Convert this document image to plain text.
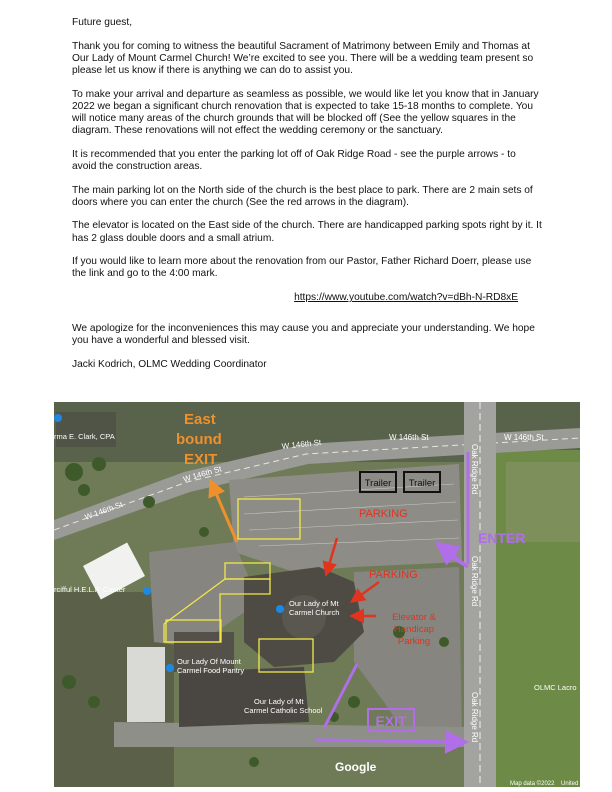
Future guest,

Thank you for coming to witness the beautiful Sacrament of Matrimony between Emily and Thomas at Our Lady of Mount Carmel Church! We’re excited to see you. There will be a wedding team present so please let us know if there is anything we can do to assist you.

To make your arrival and departure as seamless as possible, we would like let you know that in January 2022 we began a significant church renovation that is expected to take 15-18 months to complete. You will notice many areas of the church grounds that will be blocked off (See the yellow squares in the diagram. These renovations will not effect the wedding ceremony or the sanctuary.

It is recommended that you enter the parking lot off of Oak Ridge Road - see the purple arrows - to avoid the construction areas.

The main parking lot on the North side of the church is the best place to park. There are 2 main sets of doors where you can enter the church (See the red arrows in the diagram).

The elevator is located on the East side of the church. There are handicapped parking spots right by it. It has 2 glass double doors and a small atrium.

If you would like to learn more about the renovation from our Pastor, Father Richard Doerr, please use the link and go to the 4:00 mark.

https://www.youtube.com/watch?v=dBh-N-RD8xE

We apologize for the inconveniences this may cause you and appreciate your understanding. We hope you have a wonderful and blessed visit.

Jacki Kodrich, OLMC Wedding Coordinator

Trailer Trailer
East
bound
EXIT
ENTER
EXIT
PARKING
PARKING
Elevator &
Handicap
Parking
W 146th St	W 146th St
W 146th St
W 146th St
W 146th St
Oak Ridge Rd
Oak Ridge Rd
Oak Ridge Rd
Our Lady of Mt
Carmel Church
Our Lady Of Mount
Carmel Food Pantry
Our Lady of Mt
Carmel Catholic School
rcifful H.E.L.P. Center
rma E. Clark, CPA
OLMC Lacro
Google
Map data ©2022 United
